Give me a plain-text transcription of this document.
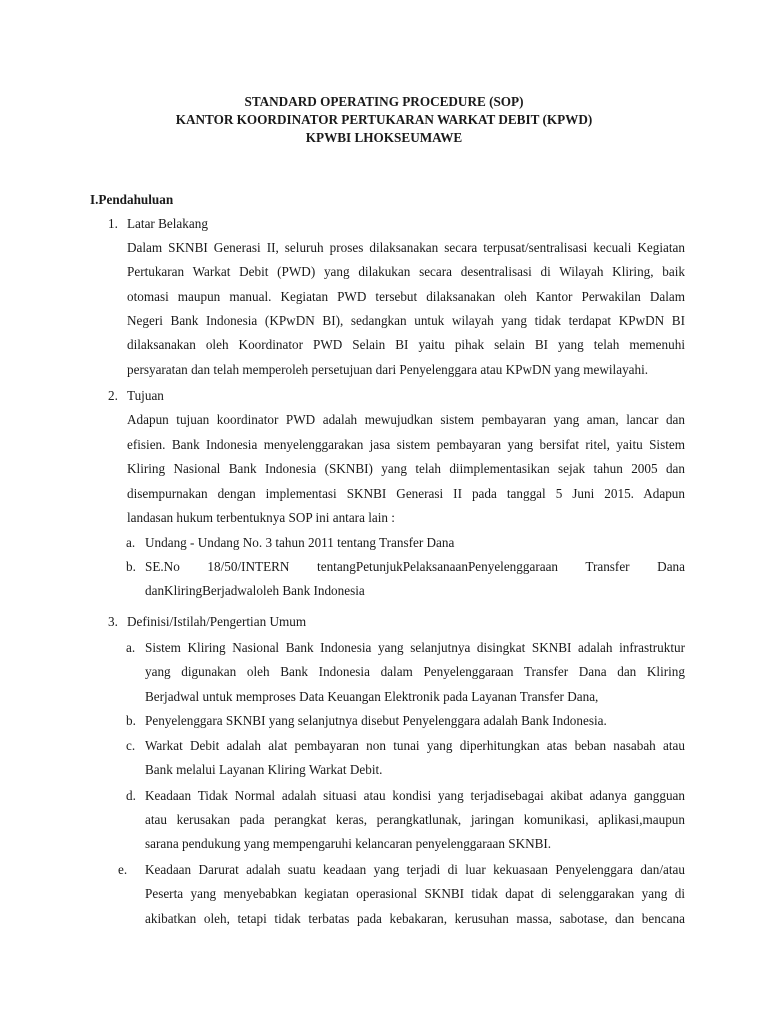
STANDARD OPERATING PROCEDURE (SOP)
KANTOR KOORDINATOR PERTUKARAN WARKAT DEBIT (KPWD)
KPWBI LHOKSEUMAWE
I.Pendahuluan
1. Latar Belakang
Dalam SKNBI Generasi II, seluruh proses dilaksanakan secara terpusat/sentralisasi kecuali Kegiatan
Pertukaran Warkat Debit (PWD) yang dilakukan secara desentralisasi di Wilayah Kliring, baik
otomasi maupun manual. Kegiatan PWD tersebut dilaksanakan oleh Kantor Perwakilan Dalam
Negeri Bank Indonesia (KPwDN BI), sedangkan untuk wilayah yang tidak terdapat KPwDN BI
dilaksanakan oleh Koordinator PWD Selain BI yaitu pihak selain BI yang telah memenuhi
persyaratan dan telah memperoleh persetujuan dari Penyelenggara atau KPwDN yang mewilayahi.
2. Tujuan
Adapun tujuan koordinator PWD adalah mewujudkan sistem pembayaran yang aman, lancar dan
efisien. Bank Indonesia menyelenggarakan jasa sistem pembayaran yang bersifat ritel, yaitu Sistem
Kliring Nasional Bank Indonesia (SKNBI) yang telah diimplementasikan sejak tahun 2005 dan
disempurnakan dengan implementasi SKNBI Generasi II pada tanggal 5 Juni 2015. Adapun
landasan hukum terbentuknya SOP ini antara lain :
a. Undang - Undang No. 3 tahun 2011 tentang Transfer Dana
b. SE.No 18/50/INTERN tentangPetunjukPelaksanaanPenyelenggaraan Transfer Dana
danKliringBerjadwaloleh Bank Indonesia
3. Definisi/Istilah/Pengertian Umum
a. Sistem Kliring Nasional Bank Indonesia yang selanjutnya disingkat SKNBI adalah infrastruktur
yang digunakan oleh Bank Indonesia dalam Penyelenggaraan Transfer Dana dan Kliring
Berjadwal untuk memproses Data Keuangan Elektronik pada Layanan Transfer Dana,
b. Penyelenggara SKNBI yang selanjutnya disebut Penyelenggara adalah Bank Indonesia.
c. Warkat Debit adalah alat pembayaran non tunai yang diperhitungkan atas beban nasabah atau
Bank melalui Layanan Kliring Warkat Debit.
d. Keadaan Tidak Normal adalah situasi atau kondisi yang terjadisebagai akibat adanya gangguan
atau kerusakan pada perangkat keras, perangkatlunak, jaringan komunikasi, aplikasi,maupun
sarana pendukung yang mempengaruhi kelancaran penyelenggaraan SKNBI.
e. Keadaan Darurat adalah suatu keadaan yang terjadi di luar kekuasaan Penyelenggara dan/atau
Peserta yang menyebabkan kegiatan operasional SKNBI tidak dapat di selenggarakan yang di
akibatkan oleh, tetapi tidak terbatas pada kebakaran, kerusuhan massa, sabotase, dan bencana
